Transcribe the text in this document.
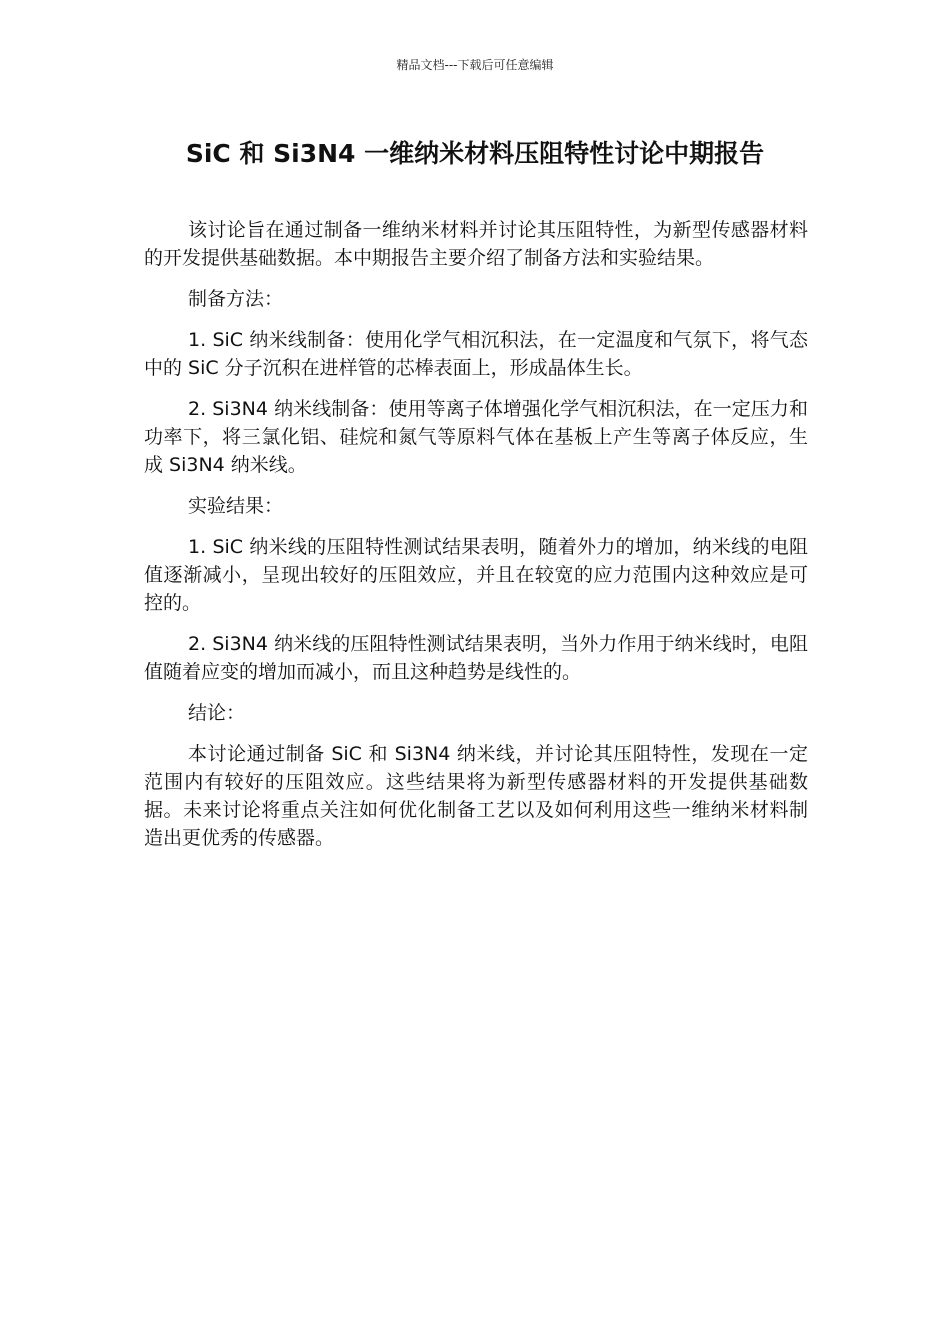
精品文档---下载后可任意编辑
SiC 和 Si3N4 一维纳米材料压阻特性讨论中期报告

该讨论旨在通过制备一维纳米材料并讨论其压阻特性，为新型传感器材料的开发提供基础数据。本中期报告主要介绍了制备方法和实验结果。

制备方法：

1. SiC 纳米线制备：使用化学气相沉积法，在一定温度和气氛下，将气态中的 SiC 分子沉积在进样管的芯棒表面上，形成晶体生长。

2. Si3N4 纳米线制备：使用等离子体增强化学气相沉积法，在一定压力和功率下，将三氯化铝、硅烷和氮气等原料气体在基板上产生等离子体反应，生成 Si3N4 纳米线。

实验结果：

1. SiC 纳米线的压阻特性测试结果表明，随着外力的增加，纳米线的电阻值逐渐减小，呈现出较好的压阻效应，并且在较宽的应力范围内这种效应是可控的。

2. Si3N4 纳米线的压阻特性测试结果表明，当外力作用于纳米线时，电阻值随着应变的增加而减小，而且这种趋势是线性的。

结论：

本讨论通过制备 SiC 和 Si3N4 纳米线，并讨论其压阻特性，发现在一定范围内有较好的压阻效应。这些结果将为新型传感器材料的开发提供基础数据。未来讨论将重点关注如何优化制备工艺以及如何利用这些一维纳米材料制造出更优秀的传感器。
